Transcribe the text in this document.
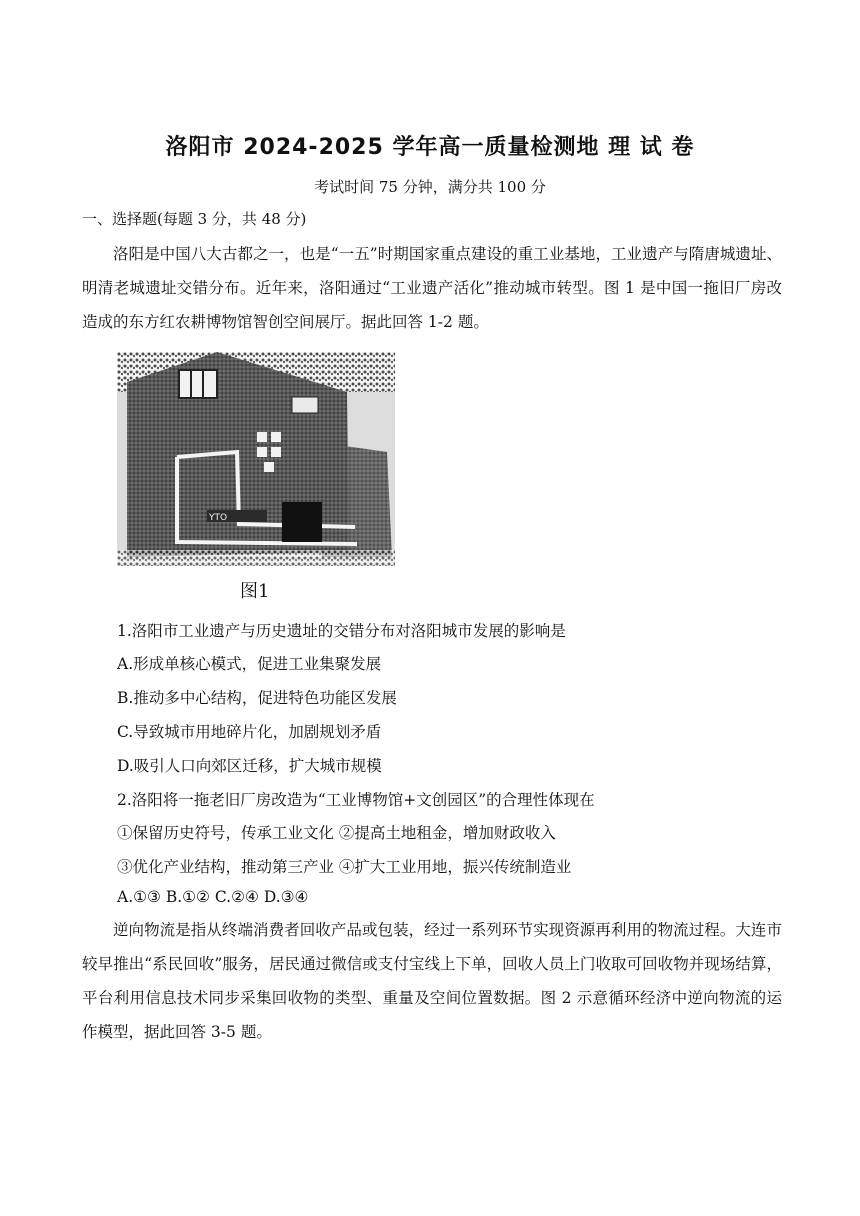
洛阳市 2024-2025 学年高一质量检测地 理 试 卷
考试时间 75 分钟，满分共 100 分
一、选择题(每题 3 分，共 48 分)

洛阳是中国八大古都之一，也是“一五”时期国家重点建设的重工业基地，工业遗产与隋唐城遗址、明清老城遗址交错分布。近年来，洛阳通过“工业遗产活化”推动城市转型。图 1 是中国一拖旧厂房改造成的东方红农耕博物馆智创空间展厅。据此回答 1-2 题。

YTO
图1
1.洛阳市工业遗产与历史遗址的交错分布对洛阳城市发展的影响是
A.形成单核心模式，促进工业集聚发展
B.推动多中心结构，促进特色功能区发展
C.导致城市用地碎片化，加剧规划矛盾
D.吸引人口向郊区迁移，扩大城市规模
2.洛阳将一拖老旧厂房改造为“工业博物馆+文创园区”的合理性体现在
①保留历史符号，传承工业文化 ②提高土地租金，增加财政收入
③优化产业结构，推动第三产业 ④扩大工业用地，振兴传统制造业
A.①③ B.①② C.②④ D.③④

逆向物流是指从终端消费者回收产品或包装，经过一系列环节实现资源再利用的物流过程。大连市较早推出“系民回收”服务，居民通过微信或支付宝线上下单，回收人员上门收取可回收物并现场结算，平台利用信息技术同步采集回收物的类型、重量及空间位置数据。图 2 示意循环经济中逆向物流的运作模型，据此回答 3-5 题。
